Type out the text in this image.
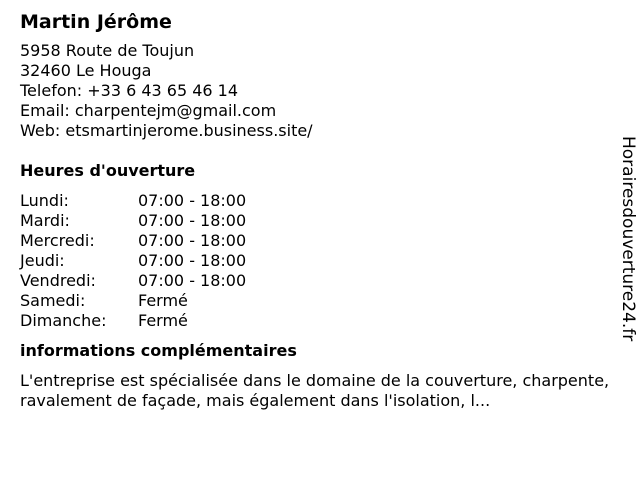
Martin Jérôme
5958 Route de Toujun
32460 Le Houga
Telefon: +33 6 43 65 46 14
Email: charpentejm@gmail.com
Web: etsmartinjerome.business.site/
Heures d'ouverture
Lundi:	07:00 - 18:00
Mardi:	07:00 - 18:00
Mercredi:	07:00 - 18:00
Jeudi:	07:00 - 18:00
Vendredi:	07:00 - 18:00
Samedi:	Fermé
Dimanche:	Fermé
informations complémentaires
L'entreprise est spécialisée dans le domaine de la couverture, charpente, ravalement de façade, mais également dans l'isolation, l...
Horairesdouverture24.fr
